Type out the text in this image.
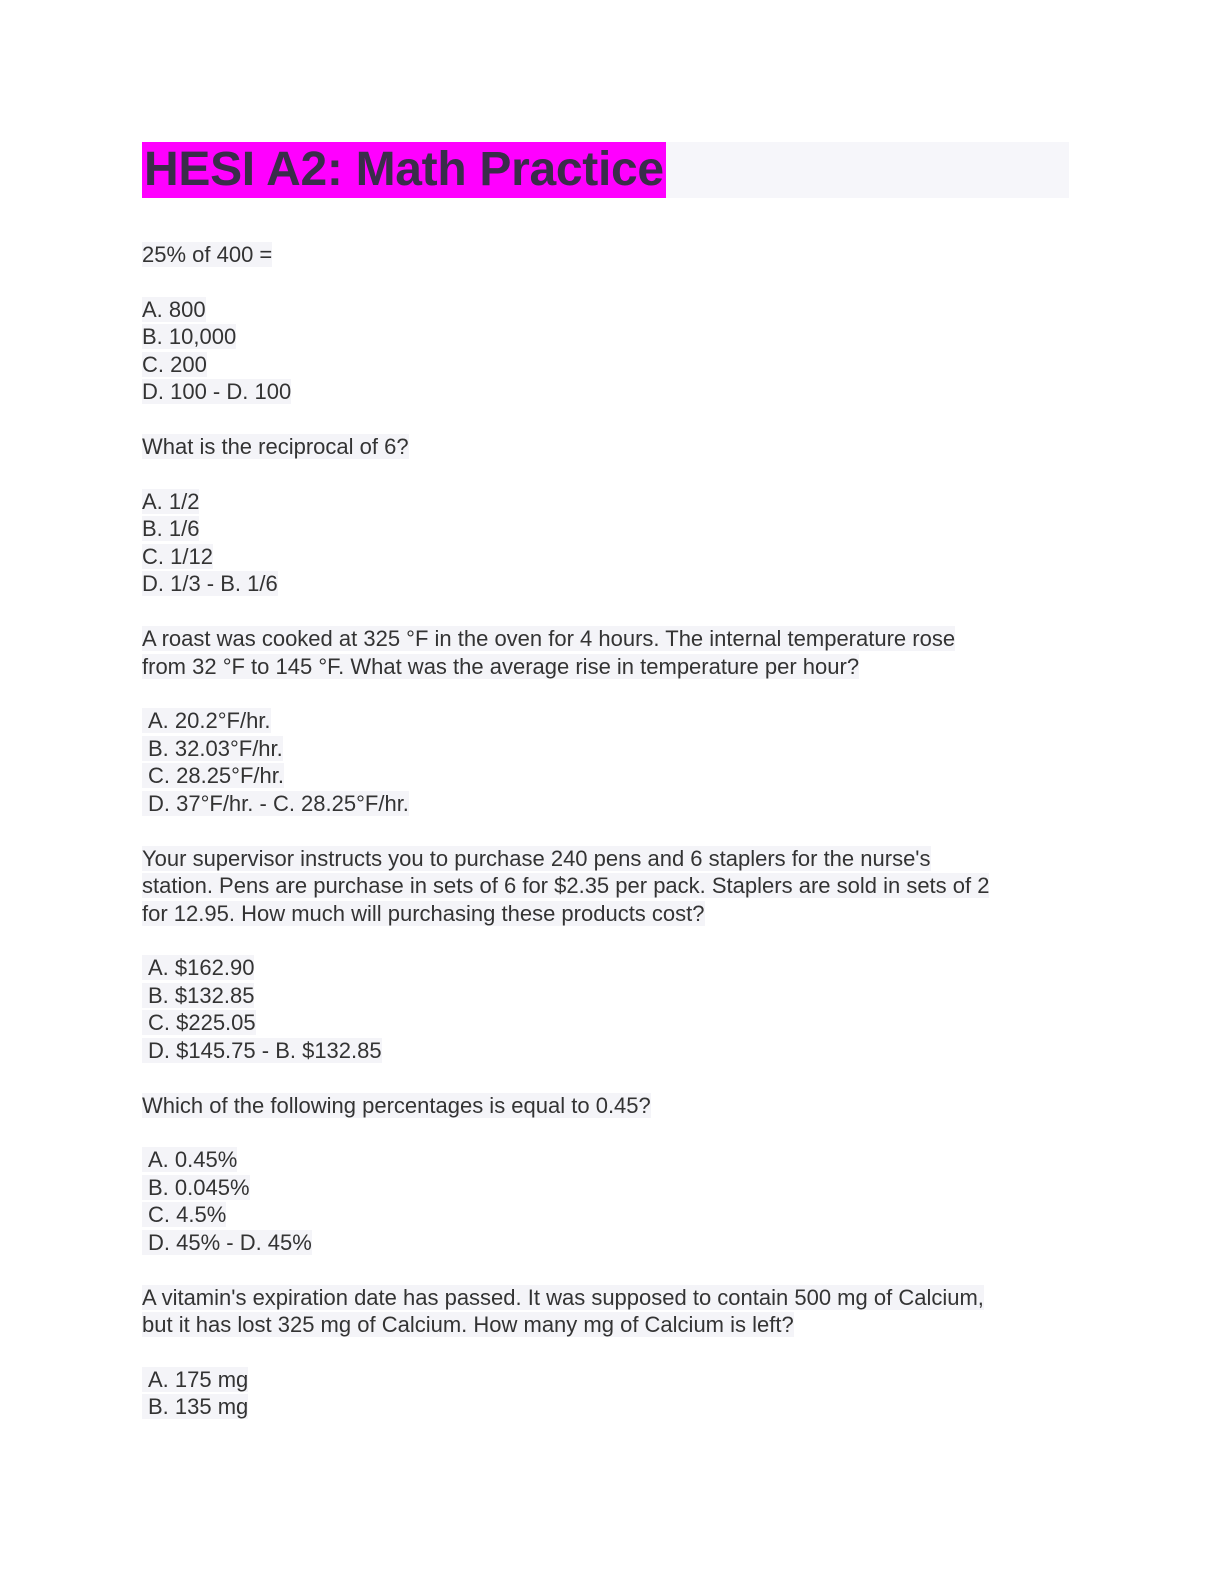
HESI A2: Math Practice
25% of 400 =
A. 800
B. 10,000
C. 200
D. 100 - D. 100
What is the reciprocal of 6?
A. 1/2
B. 1/6
C. 1/12
D. 1/3 - B. 1/6
A roast was cooked at 325 °F in the oven for 4 hours. The internal temperature rose
from 32 °F to 145 °F. What was the average rise in temperature per hour?
A. 20.2°F/hr.
B. 32.03°F/hr.
C. 28.25°F/hr.
D. 37°F/hr. - C. 28.25°F/hr.
Your supervisor instructs you to purchase 240 pens and 6 staplers for the nurse's
station. Pens are purchase in sets of 6 for $2.35 per pack. Staplers are sold in sets of 2
for 12.95. How much will purchasing these products cost?
A. $162.90
B. $132.85
C. $225.05
D. $145.75 - B. $132.85
Which of the following percentages is equal to 0.45?
A. 0.45%
B. 0.045%
C. 4.5%
D. 45% - D. 45%
A vitamin's expiration date has passed. It was supposed to contain 500 mg of Calcium,
but it has lost 325 mg of Calcium. How many mg of Calcium is left?
A. 175 mg
B. 135 mg
